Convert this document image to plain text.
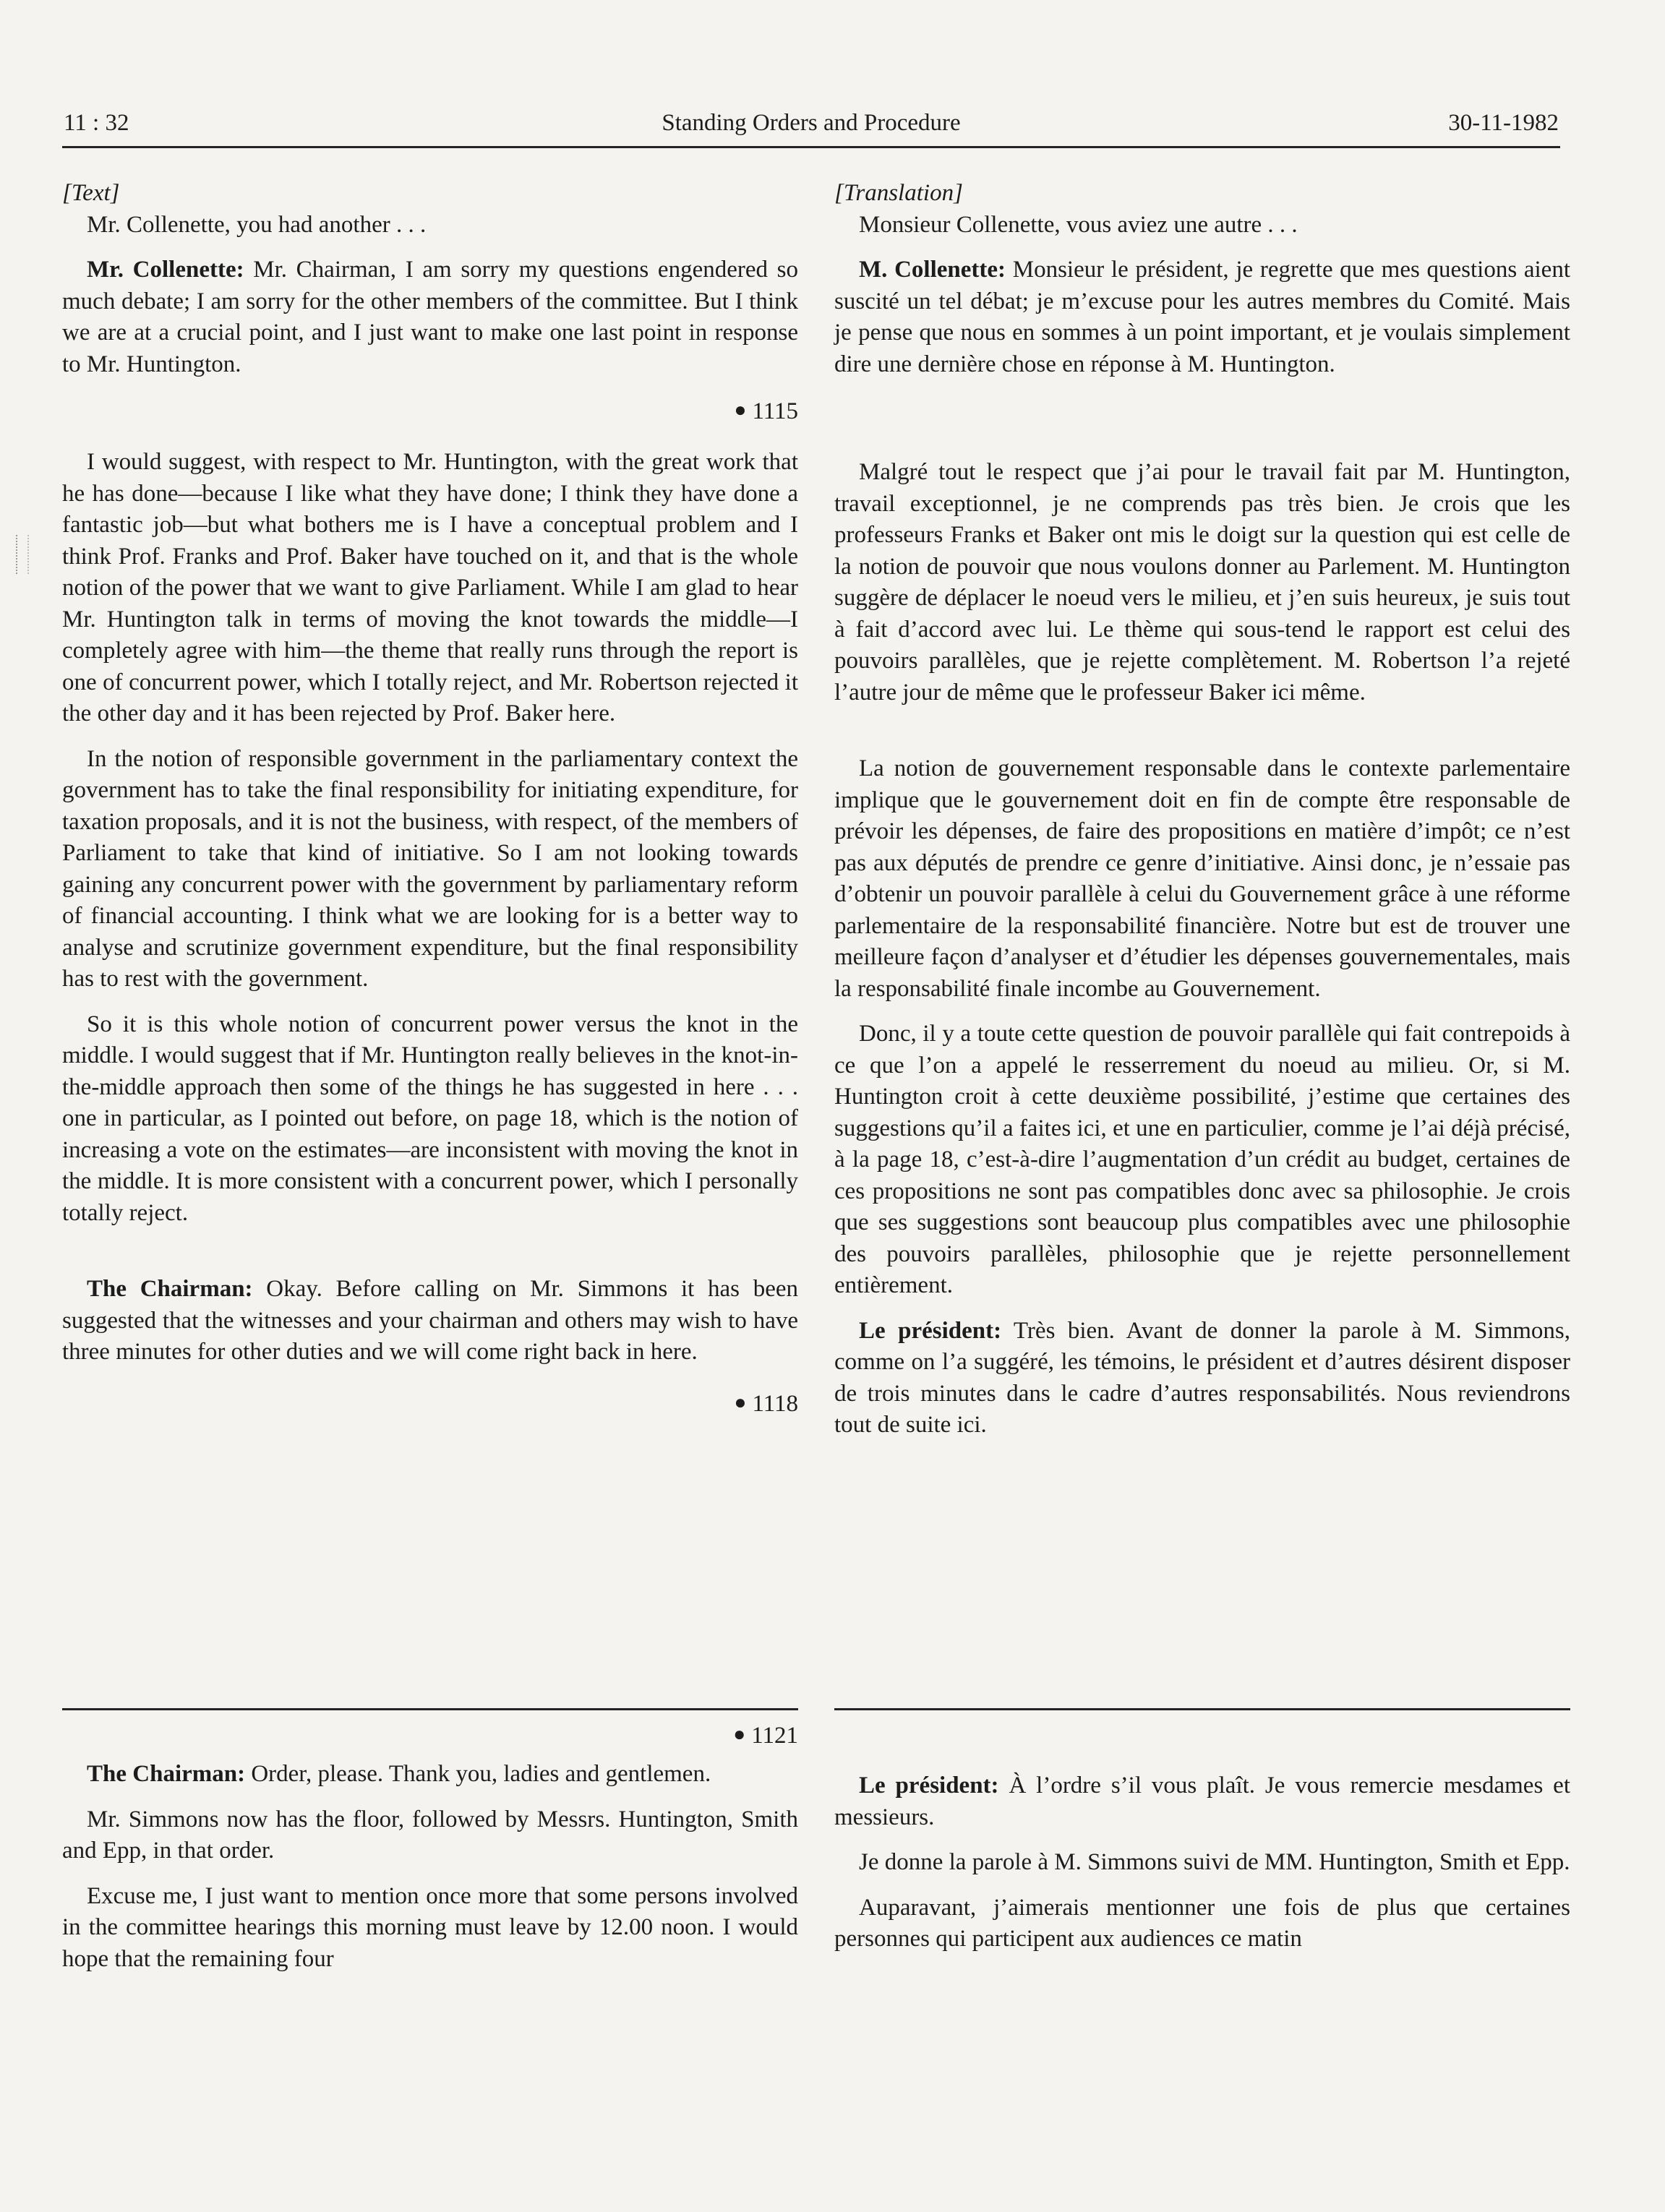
11 : 32	Standing Orders and Procedure	30-11-1982

[Text]

Mr. Collenette, you had another . . .

Mr. Collenette: Mr. Chairman, I am sorry my questions engendered so much debate; I am sorry for the other members of the committee. But I think we are at a crucial point, and I just want to make one last point in response to Mr. Huntington.

● 1115

I would suggest, with respect to Mr. Huntington, with the great work that he has done—because I like what they have done; I think they have done a fantastic job—but what bothers me is I have a conceptual problem and I think Prof. Franks and Prof. Baker have touched on it, and that is the whole notion of the power that we want to give Parliament. While I am glad to hear Mr. Huntington talk in terms of moving the knot towards the middle—I completely agree with him—the theme that really runs through the report is one of concurrent power, which I totally reject, and Mr. Robertson rejected it the other day and it has been rejected by Prof. Baker here.

In the notion of responsible government in the parliamentary context the government has to take the final responsibility for initiating expenditure, for taxation proposals, and it is not the business, with respect, of the members of Parliament to take that kind of initiative. So I am not looking towards gaining any concurrent power with the government by parliamentary reform of financial accounting. I think what we are looking for is a better way to analyse and scrutinize government expenditure, but the final responsibility has to rest with the government.

So it is this whole notion of concurrent power versus the knot in the middle. I would suggest that if Mr. Huntington really believes in the knot-in-the-middle approach then some of the things he has suggested in here . . . one in particular, as I pointed out before, on page 18, which is the notion of increasing a vote on the estimates—are inconsistent with moving the knot in the middle. It is more consistent with a concurrent power, which I personally totally reject.

The Chairman: Okay. Before calling on Mr. Simmons it has been suggested that the witnesses and your chairman and others may wish to have three minutes for other duties and we will come right back in here.

● 1118

[Translation]

Monsieur Collenette, vous aviez une autre . . .

M. Collenette: Monsieur le président, je regrette que mes questions aient suscité un tel débat; je m’excuse pour les autres membres du Comité. Mais je pense que nous en sommes à un point important, et je voulais simplement dire une dernière chose en réponse à M. Huntington.

Malgré tout le respect que j’ai pour le travail fait par M. Huntington, travail exceptionnel, je ne comprends pas très bien. Je crois que les professeurs Franks et Baker ont mis le doigt sur la question qui est celle de la notion de pouvoir que nous voulons donner au Parlement. M. Huntington suggère de déplacer le noeud vers le milieu, et j’en suis heureux, je suis tout à fait d’accord avec lui. Le thème qui sous-tend le rapport est celui des pouvoirs parallèles, que je rejette complètement. M. Robertson l’a rejeté l’autre jour de même que le professeur Baker ici même.

La notion de gouvernement responsable dans le contexte parlementaire implique que le gouvernement doit en fin de compte être responsable de prévoir les dépenses, de faire des propositions en matière d’impôt; ce n’est pas aux députés de prendre ce genre d’initiative. Ainsi donc, je n’essaie pas d’obtenir un pouvoir parallèle à celui du Gouvernement grâce à une réforme parlementaire de la responsabilité financière. Notre but est de trouver une meilleure façon d’analyser et d’étudier les dépenses gouvernementales, mais la responsabilité finale incombe au Gouvernement.

Donc, il y a toute cette question de pouvoir parallèle qui fait contrepoids à ce que l’on a appelé le resserrement du noeud au milieu. Or, si M. Huntington croit à cette deuxième possibilité, j’estime que certaines des suggestions qu’il a faites ici, et une en particulier, comme je l’ai déjà précisé, à la page 18, c’est-à-dire l’augmentation d’un crédit au budget, certaines de ces propositions ne sont pas compatibles donc avec sa philosophie. Je crois que ses suggestions sont beaucoup plus compatibles avec une philosophie des pouvoirs parallèles, philosophie que je rejette personnellement entièrement.

Le président: Très bien. Avant de donner la parole à M. Simmons, comme on l’a suggéré, les témoins, le président et d’autres désirent disposer de trois minutes dans le cadre d’autres responsabilités. Nous reviendrons tout de suite ici.

● 1121

The Chairman: Order, please. Thank you, ladies and gentlemen.

Mr. Simmons now has the floor, followed by Messrs. Huntington, Smith and Epp, in that order.

Excuse me, I just want to mention once more that some persons involved in the committee hearings this morning must leave by 12.00 noon. I would hope that the remaining four

Le président: À l’ordre s’il vous plaît. Je vous remercie mesdames et messieurs.

Je donne la parole à M. Simmons suivi de MM. Huntington, Smith et Epp.

Auparavant, j’aimerais mentionner une fois de plus que certaines personnes qui participent aux audiences ce matin
